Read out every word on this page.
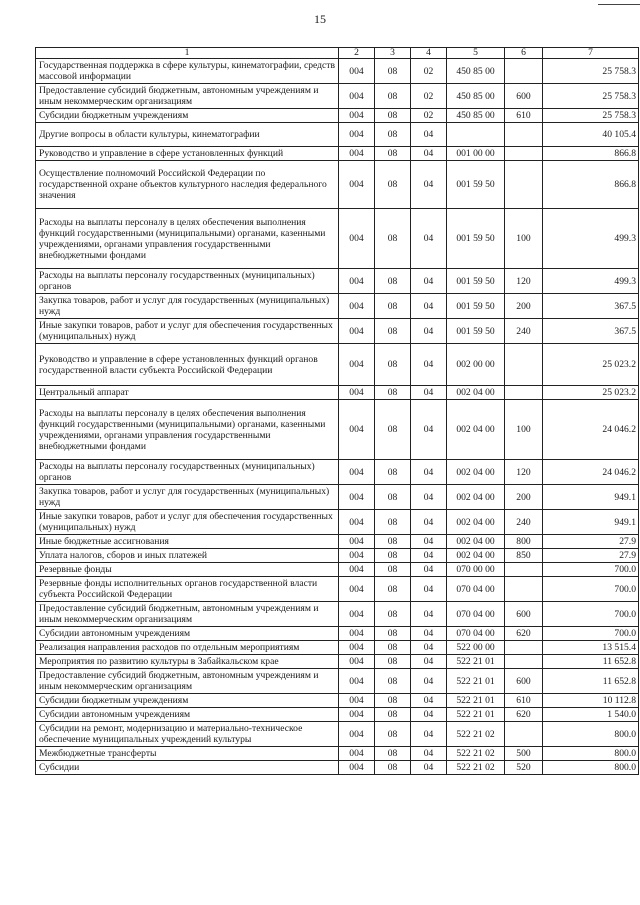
15
1	2	3	4	5	6	7
Государственная поддержка в сфере культуры, кинематографии, средств массовой информации	004	08	02	450 85 00		25 758.3
Предоставление субсидий бюджетным, автономным учреждениям и иным некоммерческим организациям	004	08	02	450 85 00	600	25 758.3
Субсидии бюджетным учреждениям	004	08	02	450 85 00	610	25 758.3
Другие вопросы в области культуры, кинематографии	004	08	04			40 105.4
Руководство и управление в сфере установленных функций	004	08	04	001 00 00		866.8
Осуществление полномочий Российской Федерации по государственной охране объектов культурного наследия федерального значения	004	08	04	001 59 50		866.8
Расходы на выплаты персоналу в целях обеспечения выполнения функций государственными (муниципальными) органами, казенными учреждениями, органами управления государственными внебюджетными фондами	004	08	04	001 59 50	100	499.3
Расходы на выплаты персоналу государственных (муниципальных) органов	004	08	04	001 59 50	120	499.3
Закупка товаров, работ и услуг для государственных (муниципальных) нужд	004	08	04	001 59 50	200	367.5
Иные закупки товаров, работ и услуг для обеспечения государственных (муниципальных) нужд	004	08	04	001 59 50	240	367.5
Руководство и управление в сфере установленных функций органов государственной власти субъекта Российской Федерации	004	08	04	002 00 00		25 023.2
Центральный аппарат	004	08	04	002 04 00		25 023.2
Расходы на выплаты персоналу в целях обеспечения выполнения функций государственными (муниципальными) органами, казенными учреждениями, органами управления государственными внебюджетными фондами	004	08	04	002 04 00	100	24 046.2
Расходы на выплаты персоналу государственных (муниципальных) органов	004	08	04	002 04 00	120	24 046.2
Закупка товаров, работ и услуг для государственных (муниципальных) нужд	004	08	04	002 04 00	200	949.1
Иные закупки товаров, работ и услуг для обеспечения государственных (муниципальных) нужд	004	08	04	002 04 00	240	949.1
Иные бюджетные ассигнования	004	08	04	002 04 00	800	27.9
Уплата налогов, сборов и иных платежей	004	08	04	002 04 00	850	27.9
Резервные фонды	004	08	04	070 00 00		700.0
Резервные фонды исполнительных органов государственной власти субъекта Российской Федерации	004	08	04	070 04 00		700.0
Предоставление субсидий бюджетным, автономным учреждениям и иным некоммерческим организациям	004	08	04	070 04 00	600	700.0
Субсидии автономным учреждениям	004	08	04	070 04 00	620	700.0
Реализация направления расходов по отдельным мероприятиям	004	08	04	522 00 00		13 515.4
Мероприятия по развитию культуры в Забайкальском крае	004	08	04	522 21 01		11 652.8
Предоставление субсидий бюджетным, автономным учреждениям и иным некоммерческим организациям	004	08	04	522 21 01	600	11 652.8
Субсидии бюджетным учреждениям	004	08	04	522 21 01	610	10 112.8
Субсидии автономным учреждениям	004	08	04	522 21 01	620	1 540.0
Субсидии на ремонт, модернизацию и материально-техническое обеспечение муниципальных учреждений культуры	004	08	04	522 21 02		800.0
Межбюджетные трансферты	004	08	04	522 21 02	500	800.0
Субсидии	004	08	04	522 21 02	520	800.0
